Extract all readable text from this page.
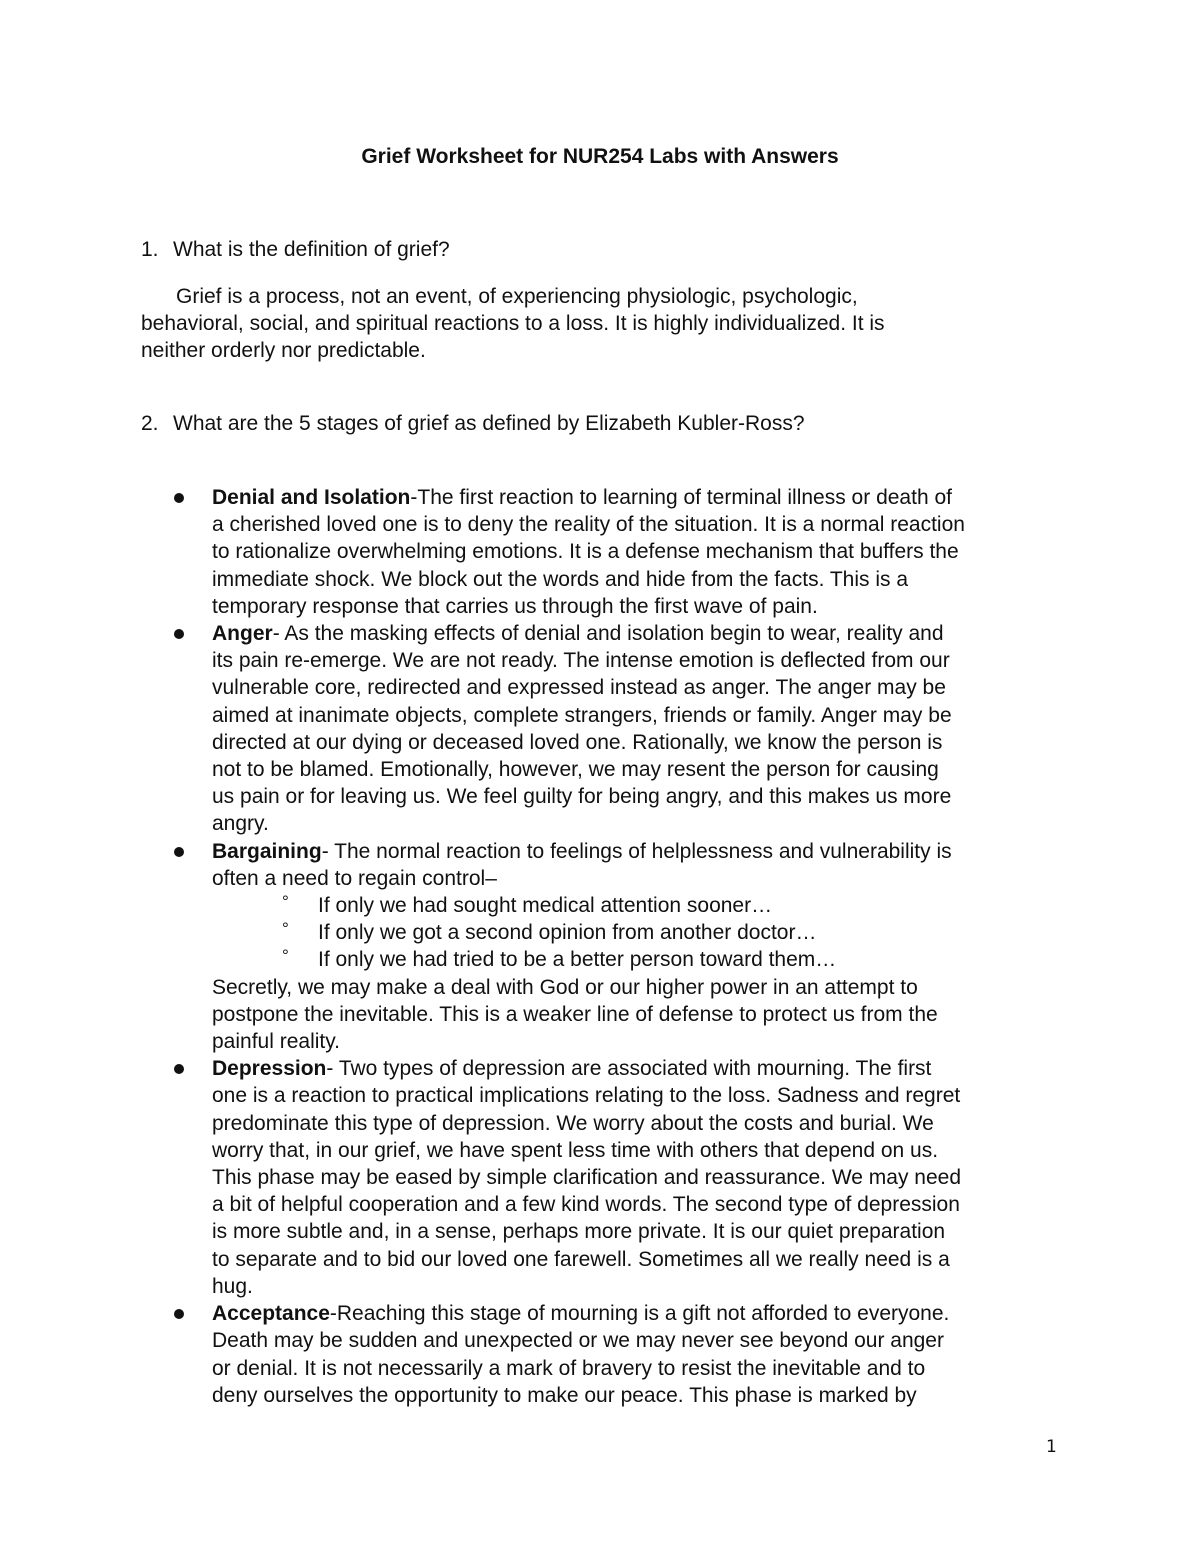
Grief Worksheet for NUR254 Labs with Answers
1. What is the definition of grief?
Grief is a process, not an event, of experiencing physiologic, psychologic,
behavioral, social, and spiritual reactions to a loss. It is highly individualized. It is
neither orderly nor predictable.
2. What are the 5 stages of grief as defined by Elizabeth Kubler-Ross?
Denial and Isolation-The first reaction to learning of terminal illness or death of
a cherished loved one is to deny the reality of the situation. It is a normal reaction
to rationalize overwhelming emotions. It is a defense mechanism that buffers the
immediate shock. We block out the words and hide from the facts. This is a
temporary response that carries us through the first wave of pain.
Anger- As the masking effects of denial and isolation begin to wear, reality and
its pain re-emerge. We are not ready. The intense emotion is deflected from our
vulnerable core, redirected and expressed instead as anger. The anger may be
aimed at inanimate objects, complete strangers, friends or family. Anger may be
directed at our dying or deceased loved one. Rationally, we know the person is
not to be blamed. Emotionally, however, we may resent the person for causing
us pain or for leaving us. We feel guilty for being angry, and this makes us more
angry.
Bargaining- The normal reaction to feelings of helplessness and vulnerability is
often a need to regain control–
° If only we had sought medical attention sooner…
° If only we got a second opinion from another doctor…
° If only we had tried to be a better person toward them…
Secretly, we may make a deal with God or our higher power in an attempt to
postpone the inevitable. This is a weaker line of defense to protect us from the
painful reality.
Depression- Two types of depression are associated with mourning. The first
one is a reaction to practical implications relating to the loss. Sadness and regret
predominate this type of depression. We worry about the costs and burial. We
worry that, in our grief, we have spent less time with others that depend on us.
This phase may be eased by simple clarification and reassurance. We may need
a bit of helpful cooperation and a few kind words. The second type of depression
is more subtle and, in a sense, perhaps more private. It is our quiet preparation
to separate and to bid our loved one farewell. Sometimes all we really need is a
hug.
Acceptance-Reaching this stage of mourning is a gift not afforded to everyone.
Death may be sudden and unexpected or we may never see beyond our anger
or denial. It is not necessarily a mark of bravery to resist the inevitable and to
deny ourselves the opportunity to make our peace. This phase is marked by
1
